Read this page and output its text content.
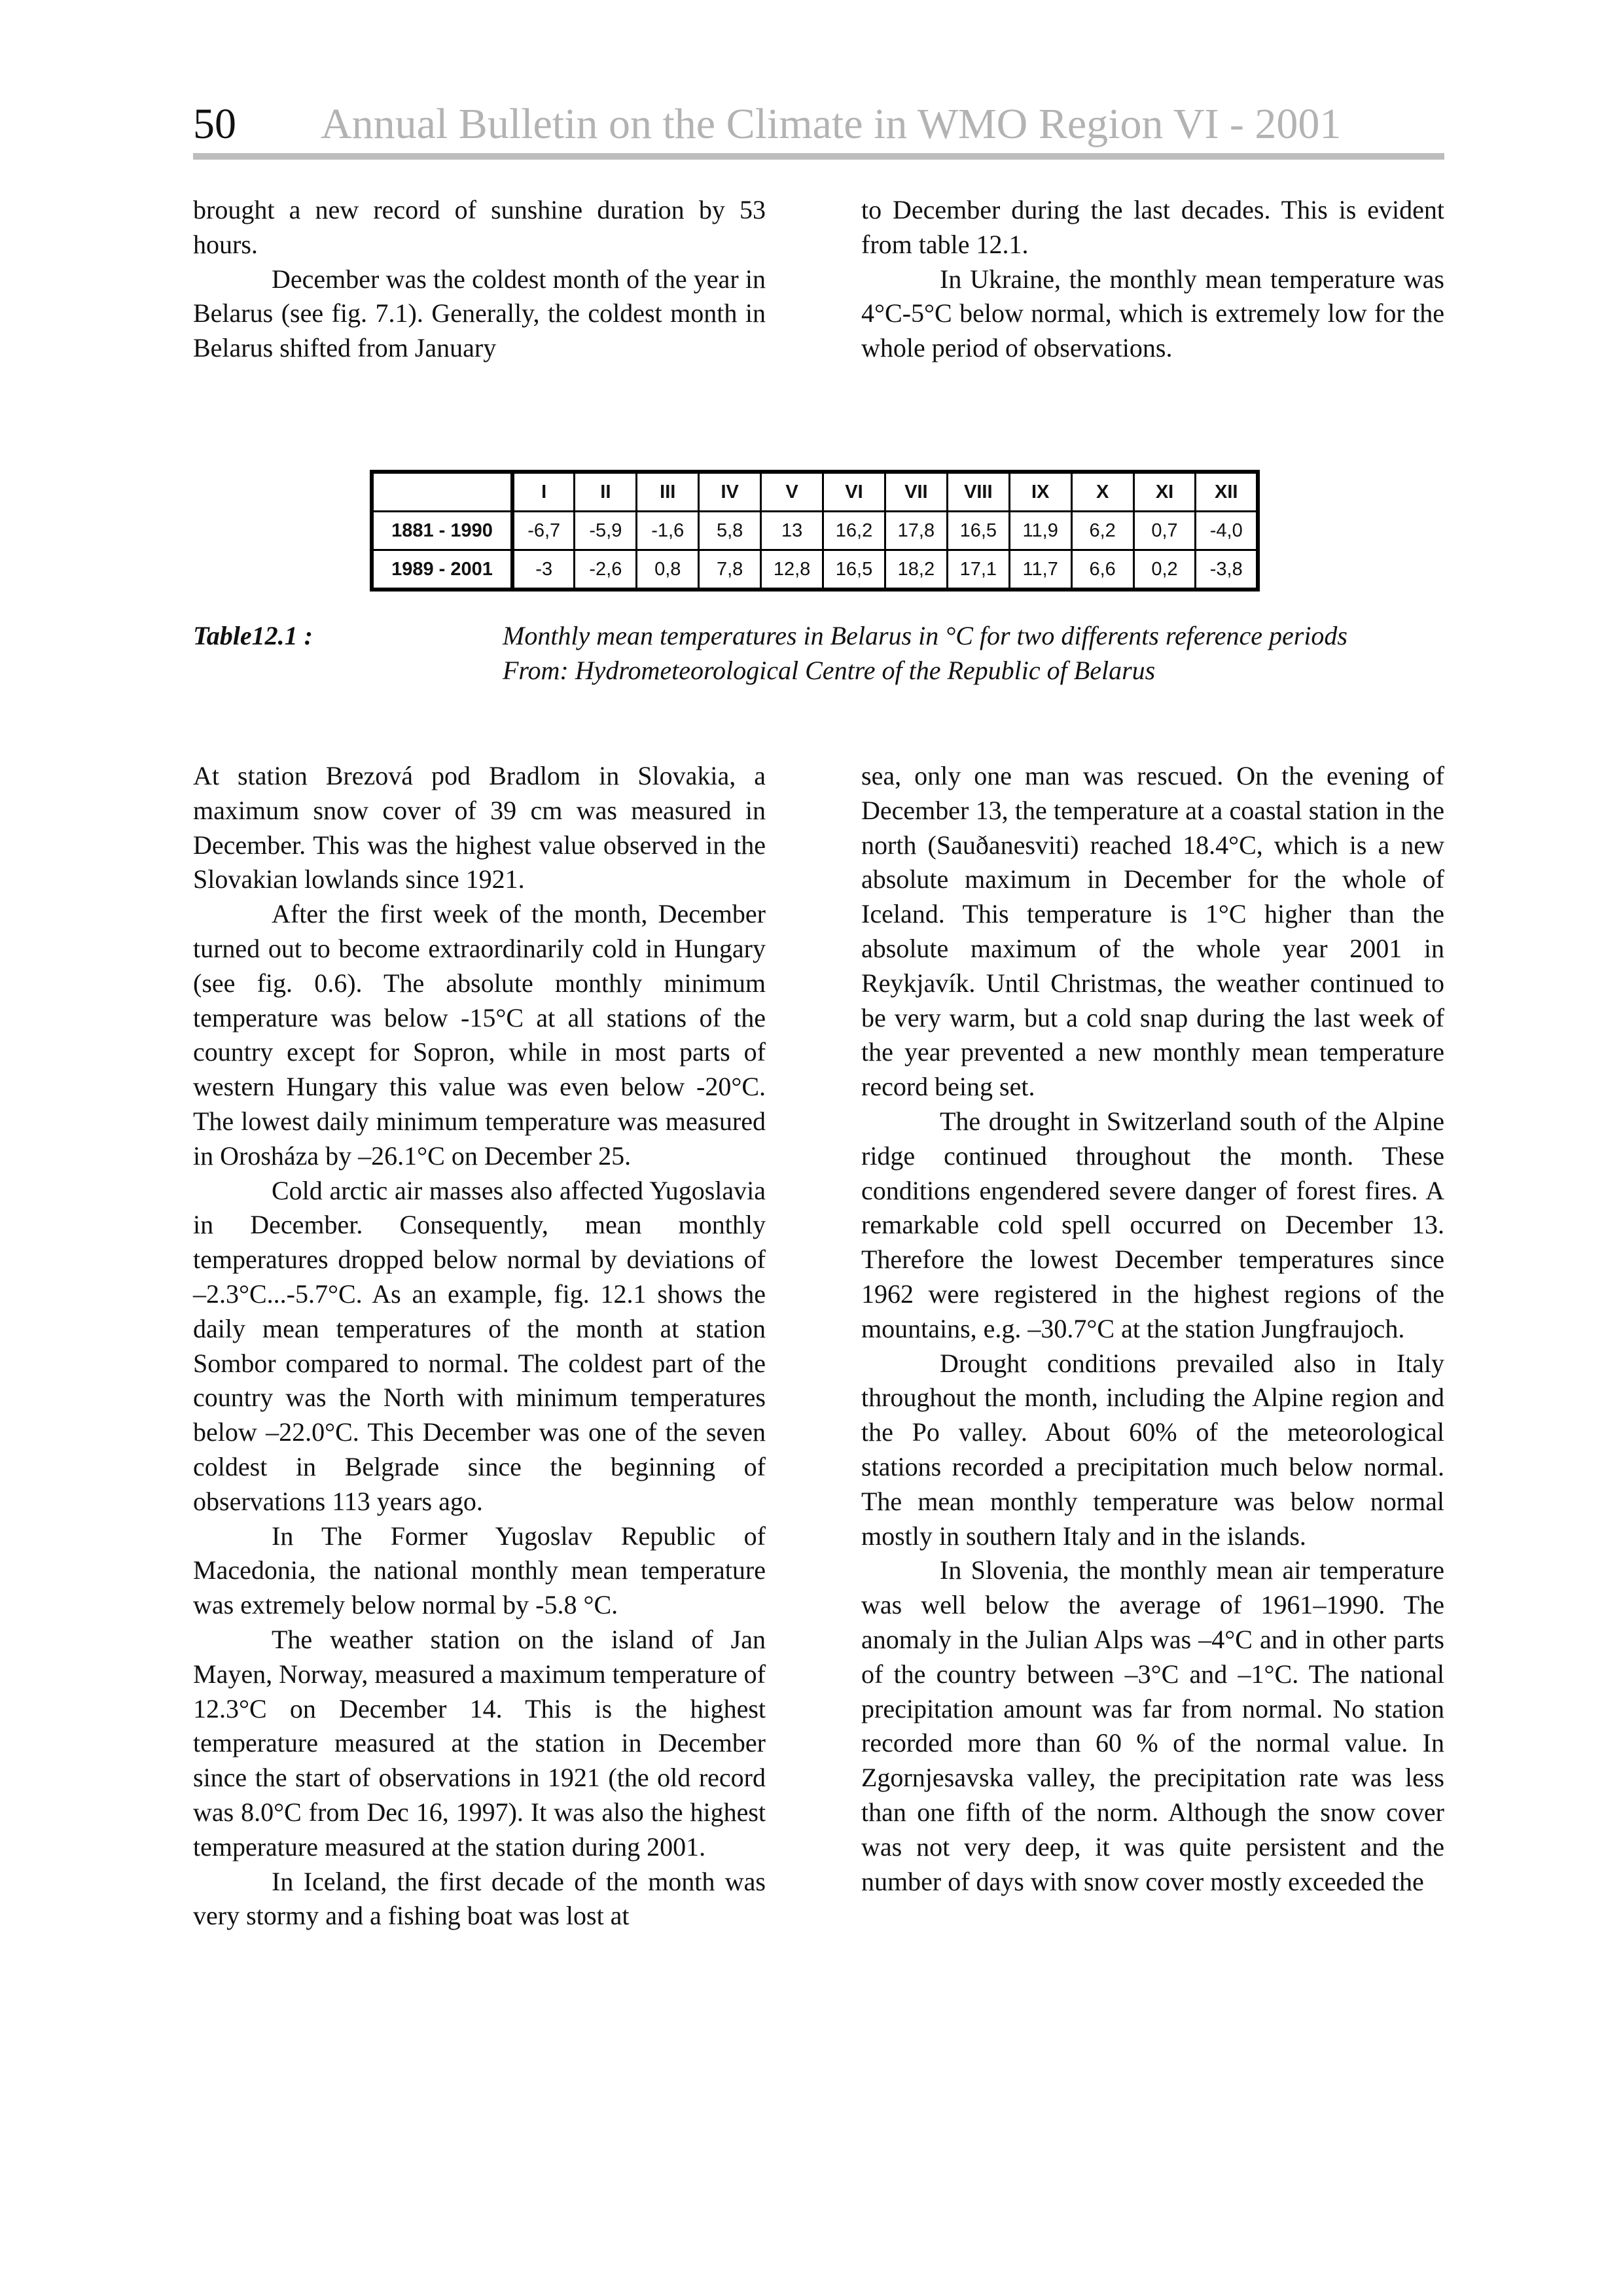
50 Annual Bulletin on the Climate in WMO Region VI - 2001

brought a new record of sunshine duration by 53 hours.

December was the coldest month of the year in Belarus (see fig. 7.1). Generally, the coldest month in Belarus shifted from January

to December during the last decades. This is evident from table 12.1.

In Ukraine, the monthly mean temperature was 4°C-5°C below normal, which is extremely low for the whole period of observations.

	I	II	III	IV	V	VI	VII	VIII	IX	X	XI	XII
1881 - 1990	-6,7	-5,9	-1,6	5,8	13	16,2	17,8	16,5	11,9	6,2	0,7	-4,0
1989 - 2001	-3	-2,6	0,8	7,8	12,8	16,5	18,2	17,1	11,7	6,6	0,2	-3,8
Table12.1 :	Monthly mean temperatures in Belarus in °C for two differents reference periods

From: Hydrometeorological Centre of the Republic of Belarus

At station Brezová pod Bradlom in Slovakia, a maximum snow cover of 39 cm was measured in December. This was the highest value observed in the Slovakian lowlands since 1921.

After the first week of the month, December turned out to become extraordinarily cold in Hungary (see fig. 0.6). The absolute monthly minimum temperature was below -15°C at all stations of the country except for Sopron, while in most parts of western Hungary this value was even below -20°C. The lowest daily minimum temperature was measured in Orosháza by –26.1°C on December 25.

Cold arctic air masses also affected Yugoslavia in December. Consequently, mean monthly temperatures dropped below normal by deviations of –2.3°C...-5.7°C. As an example, fig. 12.1 shows the daily mean temperatures of the month at station Sombor compared to normal. The coldest part of the country was the North with minimum temperatures below –22.0°C. This December was one of the seven coldest in Belgrade since the beginning of observations 113 years ago.

In The Former Yugoslav Republic of Macedonia, the national monthly mean temperature was extremely below normal by -5.8 °C.

The weather station on the island of Jan Mayen, Norway, measured a maximum temperature of 12.3°C on December 14. This is the highest temperature measured at the station in December since the start of observations in 1921 (the old record was 8.0°C from Dec 16, 1997). It was also the highest temperature measured at the station during 2001.

In Iceland, the first decade of the month was very stormy and a fishing boat was lost at

sea, only one man was rescued. On the evening of December 13, the temperature at a coastal station in the north (Sauðanesviti) reached 18.4°C, which is a new absolute maximum in December for the whole of Iceland. This temperature is 1°C higher than the absolute maximum of the whole year 2001 in Reykjavík. Until Christmas, the weather continued to be very warm, but a cold snap during the last week of the year prevented a new monthly mean temperature record being set.

The drought in Switzerland south of the Alpine ridge continued throughout the month. These conditions engendered severe danger of forest fires. A remarkable cold spell occurred on December 13. Therefore the lowest December temperatures since 1962 were registered in the highest regions of the mountains, e.g. –30.7°C at the station Jungfraujoch.

Drought conditions prevailed also in Italy throughout the month, including the Alpine region and the Po valley. About 60% of the meteorological stations recorded a precipitation much below normal. The mean monthly temperature was below normal mostly in southern Italy and in the islands.

In Slovenia, the monthly mean air temperature was well below the average of 1961–1990. The anomaly in the Julian Alps was –4°C and in other parts of the country between –3°C and –1°C. The national precipitation amount was far from normal. No station recorded more than 60 % of the normal value. In Zgornjesavska valley, the precipitation rate was less than one fifth of the norm. Although the snow cover was not very deep, it was quite persistent and the number of days with snow cover mostly exceeded the
